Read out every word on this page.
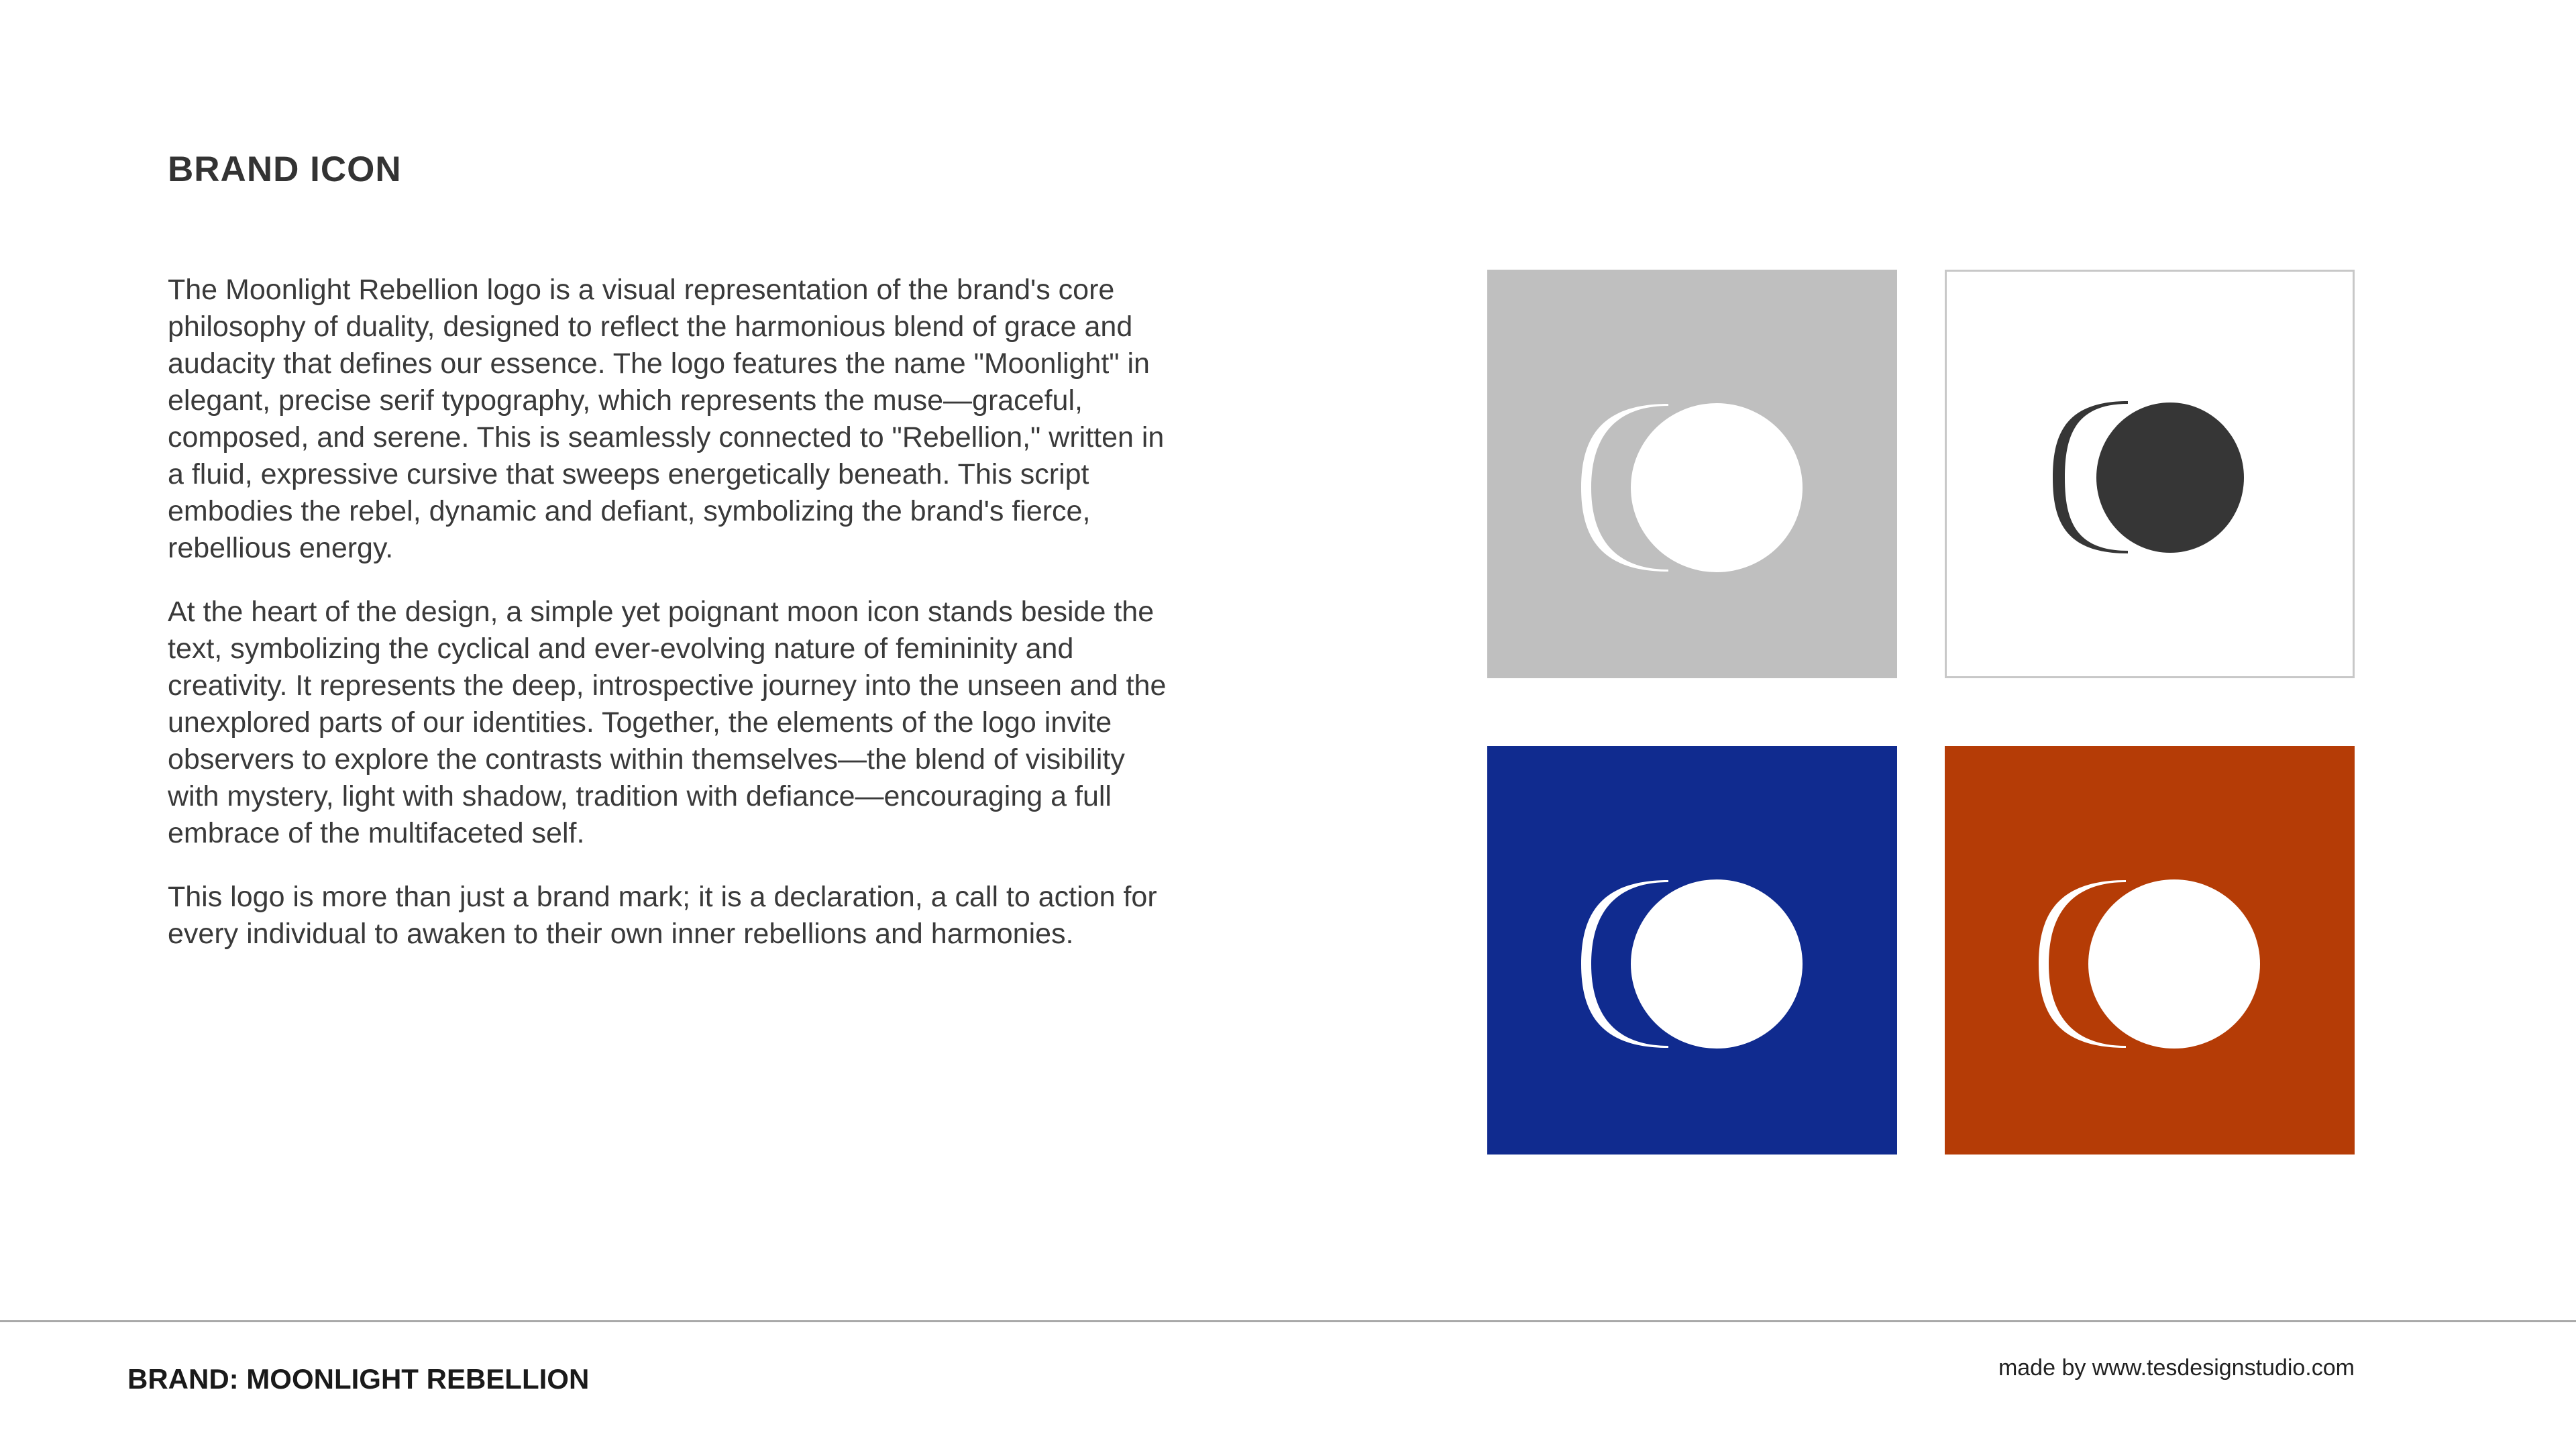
BRAND ICON

The Moonlight Rebellion logo is a visual representation of the brand's core philosophy of duality, designed to reflect the harmonious blend of grace and audacity that defines our essence. The logo features the name "Moonlight" in elegant, precise serif typography, which represents the muse—graceful, composed, and serene. This is seamlessly connected to "Rebellion," written in a fluid, expressive cursive that sweeps energetically beneath. This script embodies the rebel, dynamic and defiant, symbolizing the brand's fierce, rebellious energy.

At the heart of the design, a simple yet poignant moon icon stands beside the text, symbolizing the cyclical and ever-evolving nature of femininity and creativity. It represents the deep, introspective journey into the unseen and the unexplored parts of our identities. Together, the elements of the logo invite observers to explore the contrasts within themselves—the blend of visibility with mystery, light with shadow, tradition with defiance—encouraging a full embrace of the multifaceted self.

This logo is more than just a brand mark; it is a declaration, a call to action for every individual to awaken to their own inner rebellions and harmonies.

BRAND: MOONLIGHT REBELLION	made by www.tesdesignstudio.com
